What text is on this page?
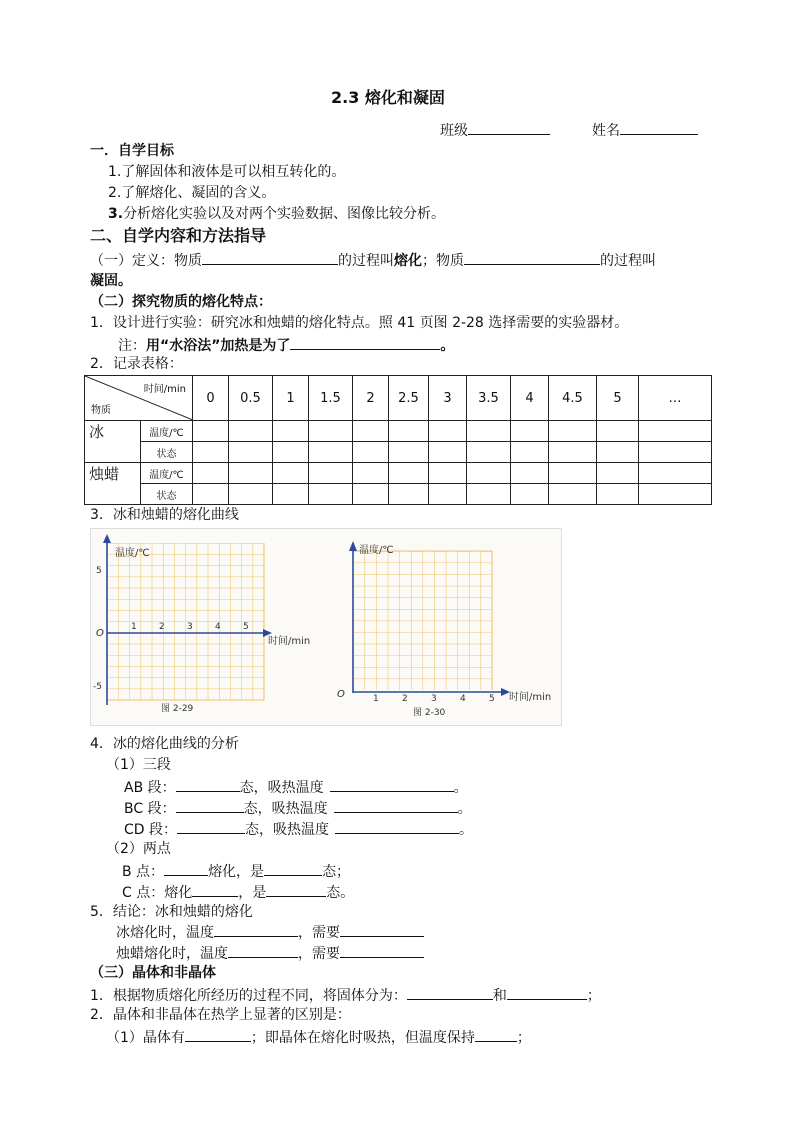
2.3 熔化和凝固
班级	姓名
一．自学目标
1.了解固体和液体是可以相互转化的。
2.了解熔化、凝固的含义。
3.分析熔化实验以及对两个实验数据、图像比较分析。
二、自学内容和方法指导
（一）定义：物质	的过程叫熔化；物质	的过程叫
凝固。
（二）探究物质的熔化特点：
1．设计进行实验：研究冰和烛蜡的熔化特点。照 41 页图 2-28 选择需要的实验器材。
注：用“水浴法”加热是为了	。
2．记录表格：
时间/min
物质		0	0.5	1	1.5	2	2.5	3	3.5	4	4.5	5	…
冰	温度/℃												
	状态												
烛蜡	温度/℃												
	状态												
3．冰和烛蜡的熔化曲线
温度/℃
时间/min
O
1 2 3 4 5
5
-5
图 2-29
温度/℃
时间/min
O	1	2	3	4	5
图 2-30
4．冰的熔化曲线的分析
（1）三段
AB 段：	态，吸热温度	。
BC 段：	态，吸热温度	。
CD 段：	态，吸热温度	。
（2）两点
B 点：	熔化，是	态；
C 点：熔化	，是	态。
5．结论：冰和烛蜡的熔化
冰熔化时，温度	，需要
烛蜡熔化时，温度	，需要
（三）晶体和非晶体
1．根据物质熔化所经历的过程不同，将固体分为：	和	；
2．晶体和非晶体在热学上显著的区别是：
（1）晶体有	；即晶体在熔化时吸热，但温度保持	；
